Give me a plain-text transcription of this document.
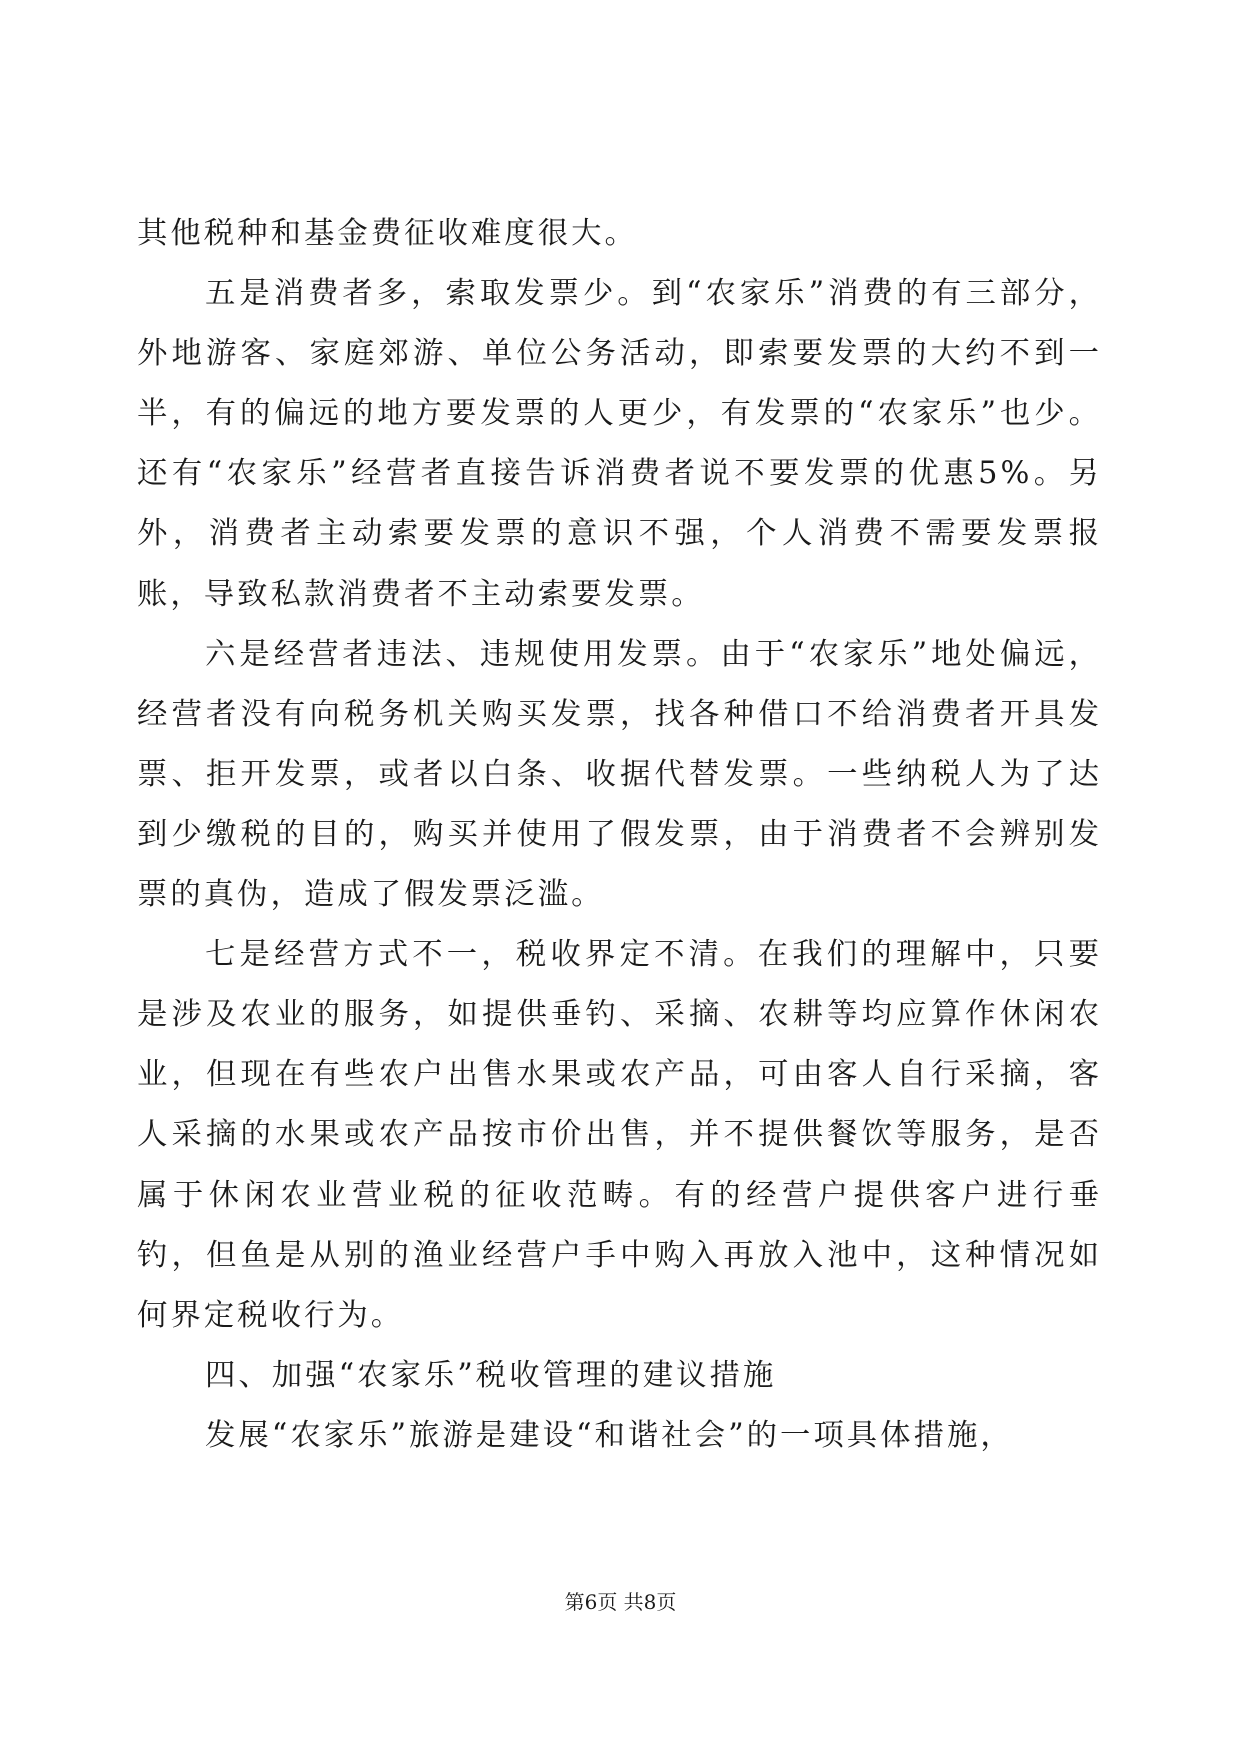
其他税种和基金费征收难度很大。

五是消费者多，索取发票少。到“农家乐”消费的有三部分，外地游客、家庭郊游、单位公务活动，即索要发票的大约不到一半，有的偏远的地方要发票的人更少，有发票的“农家乐”也少。还有“农家乐”经营者直接告诉消费者说不要发票的优惠5%。另外，消费者主动索要发票的意识不强，个人消费不需要发票报账，导致私款消费者不主动索要发票。

六是经营者违法、违规使用发票。由于“农家乐”地处偏远，经营者没有向税务机关购买发票，找各种借口不给消费者开具发票、拒开发票，或者以白条、收据代替发票。一些纳税人为了达到少缴税的目的，购买并使用了假发票，由于消费者不会辨别发票的真伪，造成了假发票泛滥。

七是经营方式不一，税收界定不清。在我们的理解中，只要是涉及农业的服务，如提供垂钓、采摘、农耕等均应算作休闲农业，但现在有些农户出售水果或农产品，可由客人自行采摘，客人采摘的水果或农产品按市价出售，并不提供餐饮等服务，是否属于休闲农业营业税的征收范畴。有的经营户提供客户进行垂钓，但鱼是从别的渔业经营户手中购入再放入池中，这种情况如何界定税收行为。

四、加强“农家乐”税收管理的建议措施

发展“农家乐”旅游是建设“和谐社会”的一项具体措施，

第6页 共8页
